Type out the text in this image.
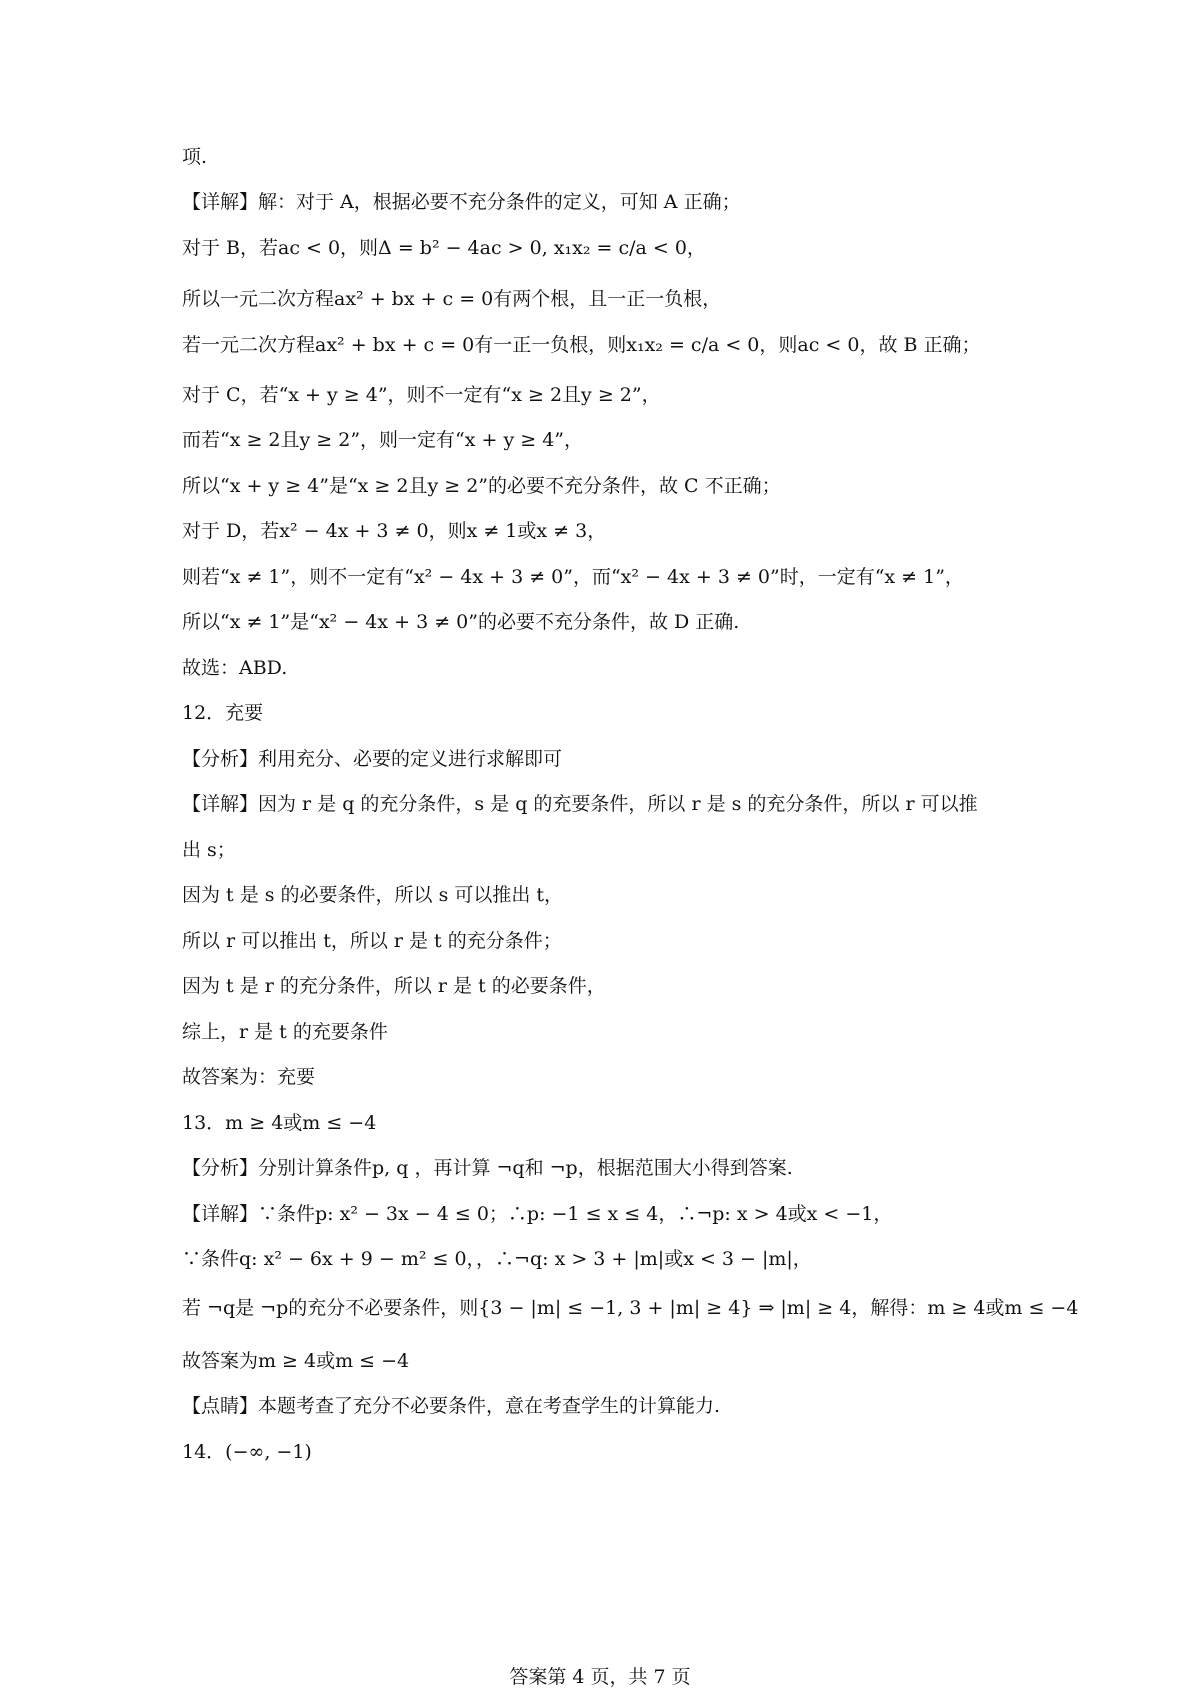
项.
【详解】解：对于 A，根据必要不充分条件的定义，可知 A 正确；
对于 B，若ac < 0，则Δ = b² − 4ac > 0, x₁x₂ = c/a < 0，
所以一元二次方程ax² + bx + c = 0有两个根，且一正一负根，
若一元二次方程ax² + bx + c = 0有一正一负根，则x₁x₂ = c/a < 0，则ac < 0，故 B 正确；
对于 C，若“x + y ≥ 4”，则不一定有“x ≥ 2且y ≥ 2”，
而若“x ≥ 2且y ≥ 2”，则一定有“x + y ≥ 4”，
所以“x + y ≥ 4”是“x ≥ 2且y ≥ 2”的必要不充分条件，故 C 不正确；
对于 D，若x² − 4x + 3 ≠ 0，则x ≠ 1或x ≠ 3，
则若“x ≠ 1”，则不一定有“x² − 4x + 3 ≠ 0”，而“x² − 4x + 3 ≠ 0”时，一定有“x ≠ 1”，
所以“x ≠ 1”是“x² − 4x + 3 ≠ 0”的必要不充分条件，故 D 正确.
故选：ABD.
12．充要
【分析】利用充分、必要的定义进行求解即可
【详解】因为 r 是 q 的充分条件，s 是 q 的充要条件，所以 r 是 s 的充分条件，所以 r 可以推
出 s；
因为 t 是 s 的必要条件，所以 s 可以推出 t，
所以 r 可以推出 t，所以 r 是 t 的充分条件；
因为 t 是 r 的充分条件，所以 r 是 t 的必要条件，
综上，r 是 t 的充要条件
故答案为：充要
13．m ≥ 4或m ≤ −4
【分析】分别计算条件p, q ，再计算 ¬q和 ¬p，根据范围大小得到答案.
【详解】∵条件p: x² − 3x − 4 ≤ 0；∴p: −1 ≤ x ≤ 4，∴¬p: x > 4或x < −1，
∵条件q: x² − 6x + 9 − m² ≤ 0，，∴¬q: x > 3 + |m|或x < 3 − |m|，
若 ¬q是 ¬p的充分不必要条件，则{3 − |m| ≤ −1, 3 + |m| ≥ 4} ⇒ |m| ≥ 4，解得：m ≥ 4或m ≤ −4
故答案为m ≥ 4或m ≤ −4
【点睛】本题考查了充分不必要条件，意在考查学生的计算能力.
14．(−∞, −1)
答案第 4 页，共 7 页
